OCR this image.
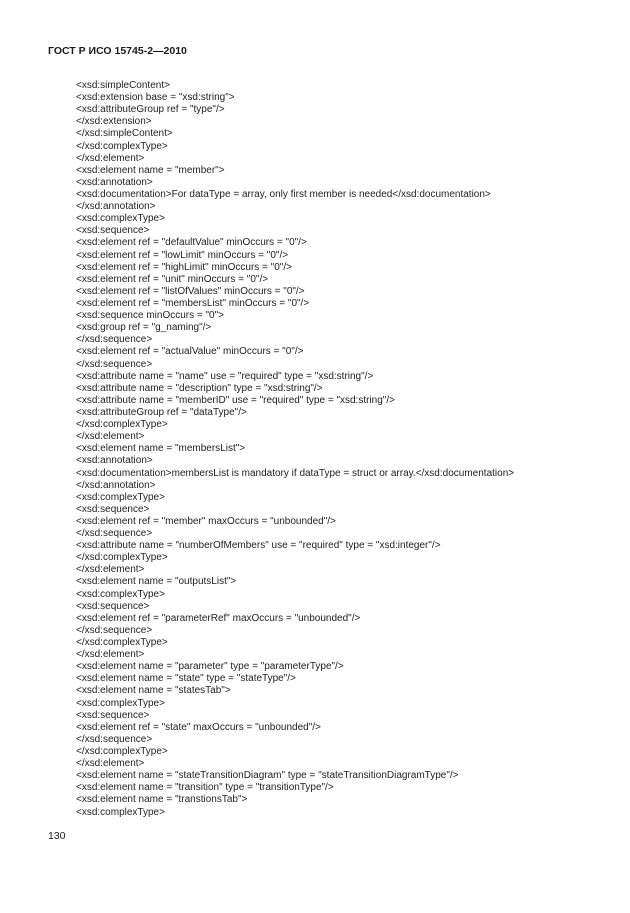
ГОСТ Р ИСО 15745-2—2010
<xsd:simpleContent>
<xsd:extension base = "xsd:string">
<xsd:attributeGroup ref = "type"/>
</xsd:extension>
</xsd:simpleContent>
</xsd:complexType>
</xsd:element>
<xsd:element name = "member">
<xsd:annotation>
<xsd:documentation>For dataType = array, only first member is needed</xsd:documentation>
</xsd:annotation>
<xsd:complexType>
<xsd:sequence>
<xsd:element ref = "defaultValue" minOccurs = "0"/>
<xsd:element ref = "lowLimit" minOccurs = "0"/>
<xsd:element ref = "highLimit" minOccurs = "0"/>
<xsd:element ref = "unit" minOccurs = "0"/>
<xsd:element ref = "listOfValues" minOccurs = "0"/>
<xsd:element ref = "membersList" minOccurs = "0"/>
<xsd:sequence minOccurs = "0">
<xsd:group ref = "g_naming"/>
</xsd:sequence>
<xsd:element ref = "actualValue" minOccurs = "0"/>
</xsd:sequence>
<xsd:attribute name = "name" use = "required" type = "xsd:string"/>
<xsd:attribute name = "description" type = "xsd:string"/>
<xsd:attribute name = "memberID" use = "required" type = "xsd:string"/>
<xsd:attributeGroup ref = "dataType"/>
</xsd:complexType>
</xsd:element>
<xsd:element name = "membersList">
<xsd:annotation>
<xsd:documentation>membersList is mandatory if dataType = struct or array.</xsd:documentation>
</xsd:annotation>
<xsd:complexType>
<xsd:sequence>
<xsd:element ref = "member" maxOccurs = "unbounded"/>
</xsd:sequence>
<xsd:attribute name = "numberOfMembers" use = "required" type = "xsd:integer"/>
</xsd:complexType>
</xsd:element>
<xsd:element name = "outputsList">
<xsd:complexType>
<xsd:sequence>
<xsd:element ref = "parameterRef" maxOccurs = "unbounded"/>
</xsd:sequence>
</xsd:complexType>
</xsd:element>
<xsd:element name = "parameter" type = "parameterType"/>
<xsd:element name = "state" type = "stateType"/>
<xsd:element name = "statesTab">
<xsd:complexType>
<xsd:sequence>
<xsd:element ref = "state" maxOccurs = "unbounded"/>
</xsd:sequence>
</xsd:complexType>
</xsd:element>
<xsd:element name = "stateTransitionDiagram" type = "stateTransitionDiagramType"/>
<xsd:element name = "transition" type = "transitionType"/>
<xsd:element name = "transtionsTab">
<xsd:complexType>
130
